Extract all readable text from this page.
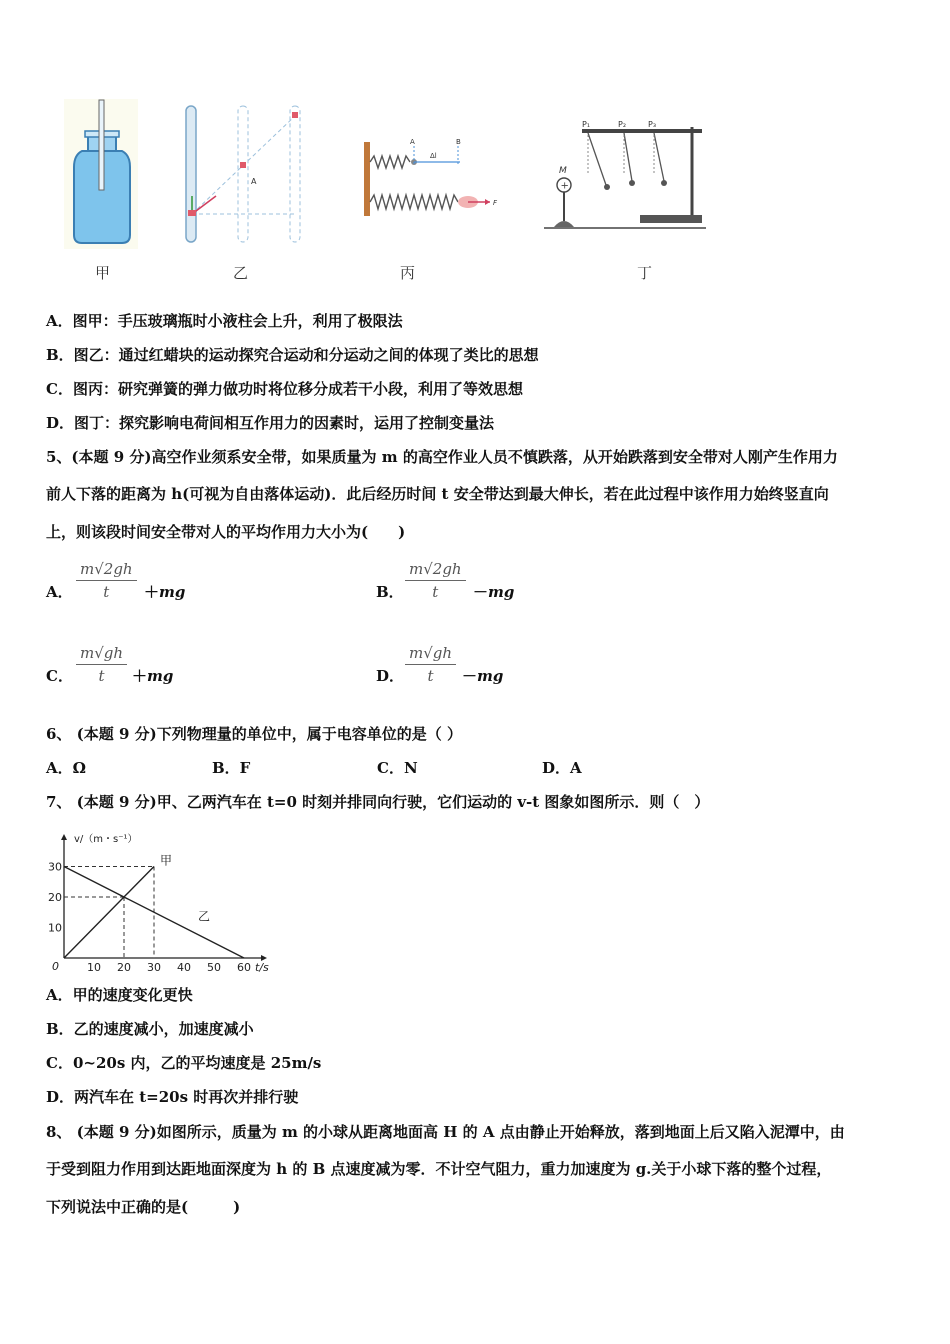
A
A	B
Δl
F
P₁	P₂	P₃
+
M
甲	乙	丙	丁
A．图甲：手压玻璃瓶时小液柱会上升，利用了极限法
B．图乙：通过红蜡块的运动探究合运动和分运动之间的体现了类比的思想
C．图丙：研究弹簧的弹力做功时将位移分成若干小段，利用了等效思想
D．图丁：探究影响电荷间相互作用力的因素时，运用了控制变量法
5、(本题 9 分)高空作业须系安全带，如果质量为 m 的高空作业人员不慎跌落，从开始跌落到安全带对人刚产生作用力
前人下落的距离为 h(可视为自由落体运动)．此后经历时间 t 安全带达到最大伸长，若在此过程中该作用力始终竖直向
上，则该段时间安全带对人的平均作用力大小为(　　)
A．
m√2gh
t	＋mg	B．
m√2gh
t	－mg
C．
m√gh
t	＋mg	D．
m√gh
t	－mg
6、 (本题 9 分)下列物理量的单位中，属于电容单位的是（ ）
A．Ω	B．F	C．N	D．A
7、 (本题 9 分)甲、乙两汽车在 t=0 时刻并排同向行驶，它们运动的 v-t 图象如图所示．则（　）
10 20 30 40 50 60
10
20
30
0	t/s
v/（m・s⁻¹）
甲
乙
A．甲的速度变化更快
B．乙的速度减小，加速度减小
C．0~20s 内，乙的平均速度是 25m/s
D．两汽车在 t=20s 时再次并排行驶
8、 (本题 9 分)如图所示，质量为 m 的小球从距离地面高 H 的 A 点由静止开始释放，落到地面上后又陷入泥潭中，由
于受到阻力作用到达距地面深度为 h 的 B 点速度减为零．不计空气阻力，重力加速度为 g.关于小球下落的整个过程，
下列说法中正确的是(　　　)
